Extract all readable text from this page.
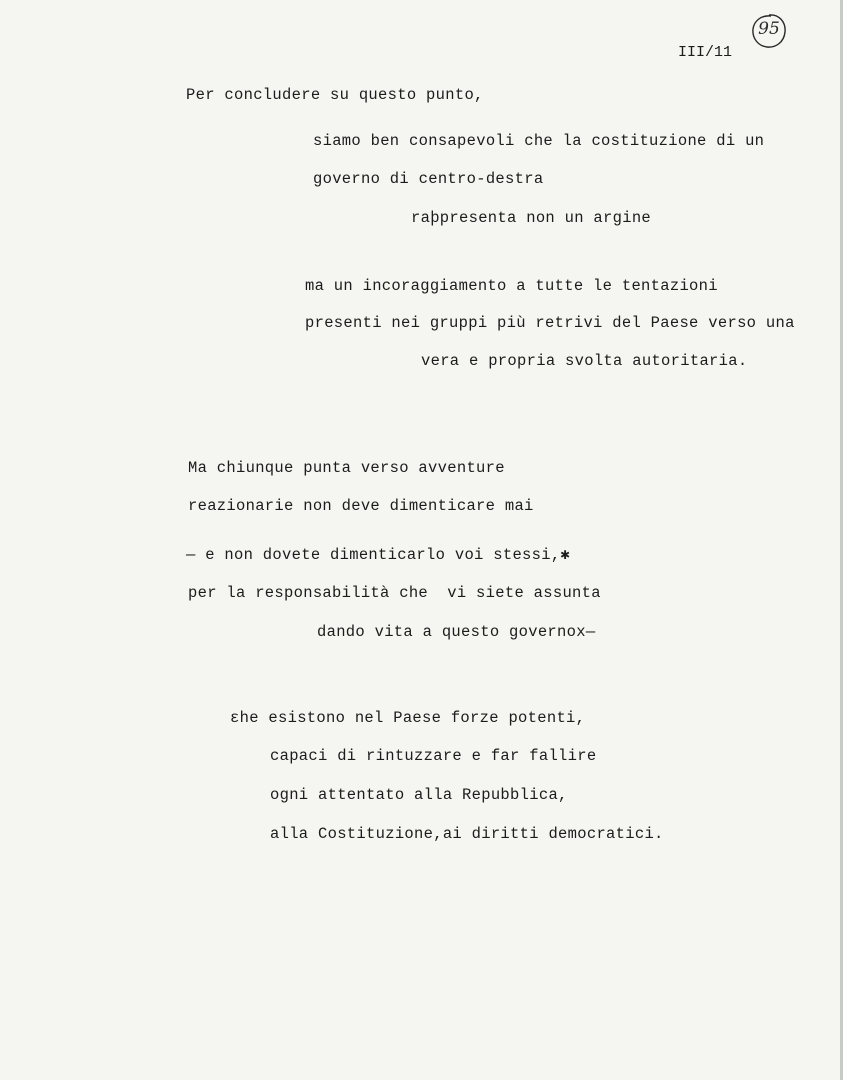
III/11
95
Per concludere su questo punto,
siamo ben consapevoli che la costituzione di un
governo di centro-destra
raþpresenta non un argine
ma un incoraggiamento a tutte le tentazioni
presenti nei gruppi più retrivi del Paese verso una
vera e propria svolta autoritaria.
Ma chiunque punta verso avventure
reazionarie non deve dimenticare mai
— e non dovete dimenticarlo voi stessi,✱
per la responsabilità che  vi siete assunta
dando vita a questo governox—
ɛhe esistono nel Paese forze potenti,
capaci di rintuzzare e far fallire
ogni attentato alla Repubblica,
alla Costituzione,ai diritti democratici.
